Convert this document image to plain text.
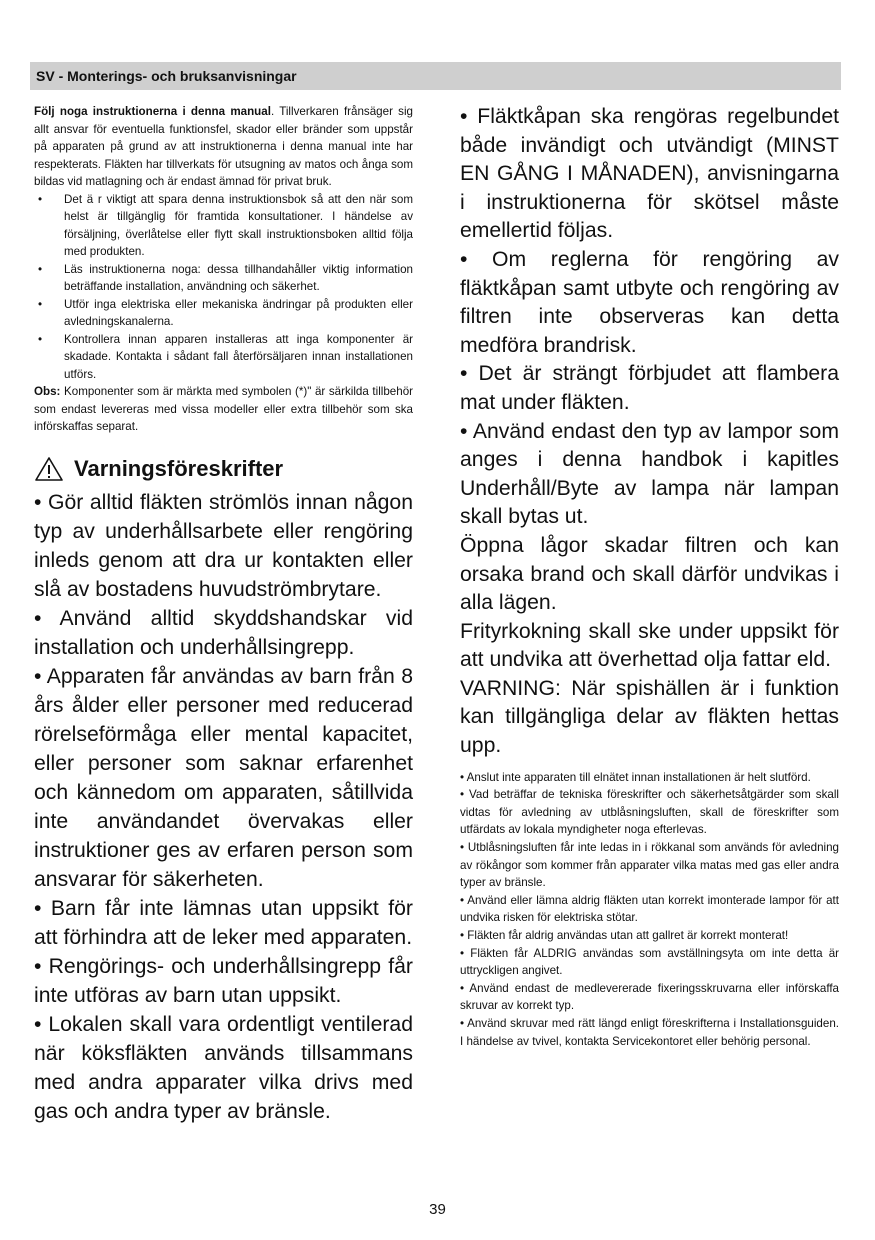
SV - Monterings- och bruksanvisningar

Följ noga instruktionerna i denna manual. Tillverkaren frånsäger sig allt ansvar för eventuella funktionsfel, skador eller bränder som uppstår på apparaten på grund av att instruktionerna i denna manual inte har respekterats. Fläkten har tillverkats för utsugning av matos och ånga som bildas vid matlagning och är endast ämnad för privat bruk.

• Det ä r viktigt att spara denna instruktionsbok så att den när som helst är tillgänglig för framtida konsultationer. I händelse av försäljning, överlåtelse eller flytt skall instruktionsboken alltid följa med produkten.
• Läs instruktionerna noga: dessa tillhandahåller viktig information beträffande installation, användning och säkerhet.
• Utför inga elektriska eller mekaniska ändringar på produkten eller avledningskanalerna.
• Kontrollera innan apparen installeras att inga komponenter är skadade. Kontakta i sådant fall återförsäljaren innan installationen utförs.

Obs: Komponenter som är märkta med symbolen (*)" är särkilda tillbehör som endast levereras med vissa modeller eller extra tillbehör som ska införskaffas separat.

Varningsföreskrifter

• Gör alltid fläkten strömlös innan någon typ av underhållsarbete eller rengöring inleds genom att dra ur kontakten eller slå av bostadens huvudströmbrytare.

• Använd alltid skyddshandskar vid installation och underhållsingrepp.

• Apparaten får användas av barn från 8 års ålder eller personer med reducerad rörelseförmåga eller mental kapacitet, eller personer som saknar erfarenhet och kännedom om apparaten, såtillvida inte användandet övervakas eller instruktioner ges av erfaren person som ansvarar för säkerheten.

• Barn får inte lämnas utan uppsikt för att förhindra att de leker med apparaten.

• Rengörings- och underhållsingrepp får inte utföras av barn utan uppsikt.

• Lokalen skall vara ordentligt ventilerad när köksfläkten används tillsammans med andra apparater vilka drivs med gas och andra typer av bränsle.

• Fläktkåpan ska rengöras regelbundet både invändigt och utvändigt (MINST EN GÅNG I MÅNADEN), anvisningarna i instruktionerna för skötsel måste emellertid följas.

• Om reglerna för rengöring av fläktkåpan samt utbyte och rengöring av filtren inte observeras kan detta medföra brandrisk.

• Det är strängt förbjudet att flambera mat under fläkten.

• Använd endast den typ av lampor som anges i denna handbok i kapitles Underhåll/Byte av lampa när lampan skall bytas ut.

Öppna lågor skadar filtren och kan orsaka brand och skall därför undvikas i alla lägen.

Frityrkokning skall ske under uppsikt för att undvika att överhettad olja fattar eld.

VARNING: När spishällen är i funktion kan tillgängliga delar av fläkten hettas upp.

• Anslut inte apparaten till elnätet innan installationen är helt slutförd.

• Vad beträffar de tekniska föreskrifter och säkerhetsåtgärder som skall vidtas för avledning av utblåsningsluften, skall de föreskrifter som utfärdats av lokala myndigheter noga efterlevas.

• Utblåsningsluften får inte ledas in i rökkanal som används för avledning av rökångor som kommer från apparater vilka matas med gas eller andra typer av bränsle.

• Använd eller lämna aldrig fläkten utan korrekt imonterade lampor för att undvika risken för elektriska stötar.

• Fläkten får aldrig användas utan att gallret är korrekt monterat!

• Fläkten får ALDRIG användas som avställningsyta om inte detta är uttryckligen angivet.

• Använd endast de medlevererade fixeringsskruvarna eller införskaffa skruvar av korrekt typ.

• Använd skruvar med rätt längd enligt föreskrifterna i Installationsguiden. I händelse av tvivel, kontakta Servicekontoret eller behörig personal.

39
